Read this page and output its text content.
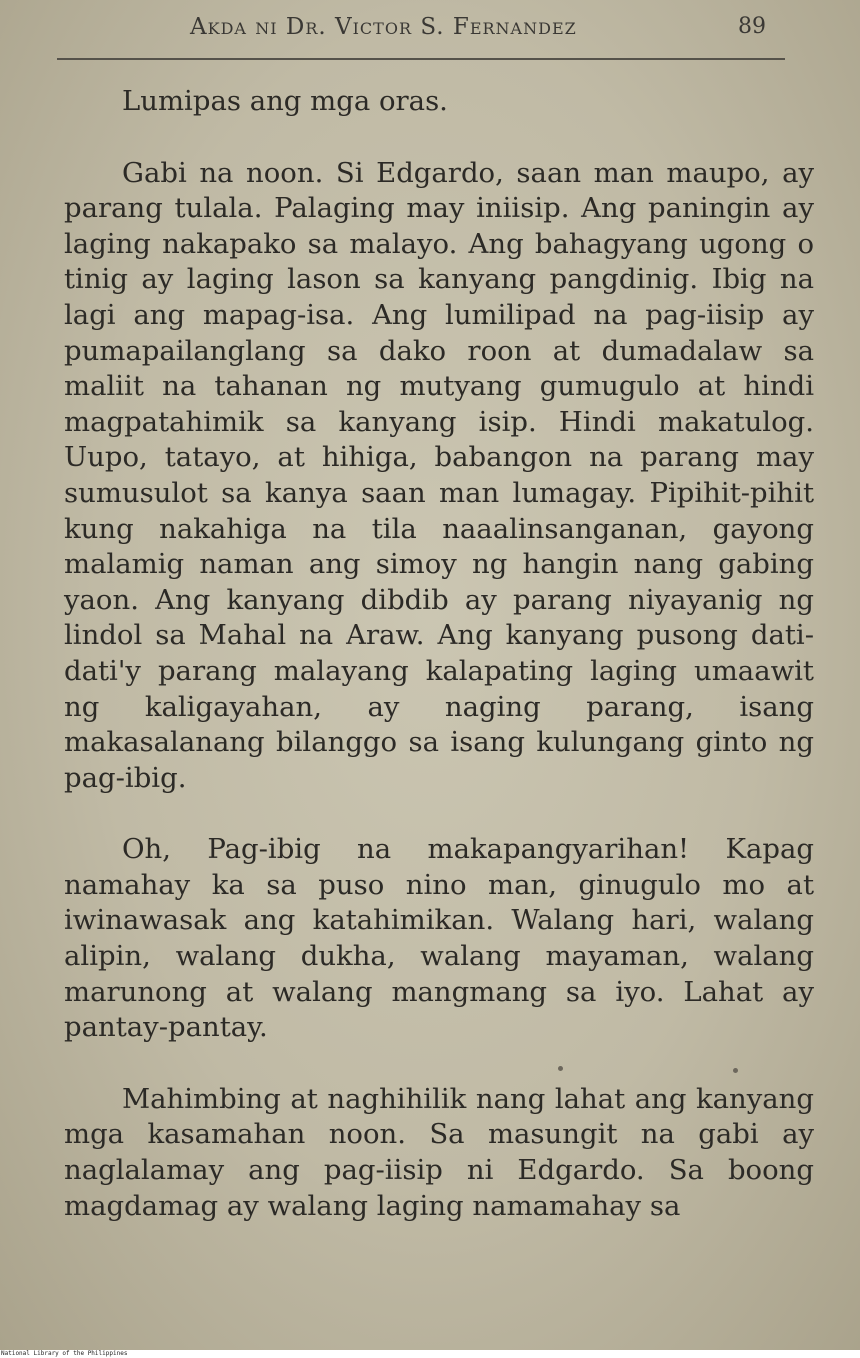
Akda ni Dr. Victor S. Fernandez	89

Lumipas ang mga oras.

Gabi na noon. Si Edgardo, saan man maupo, ay parang tulala. Palaging may iniisip. Ang paningin ay laging nakapako sa malayo. Ang bahagyang ugong o tinig ay laging lason sa kanyang pangdinig. Ibig na lagi ang mapag-isa. Ang lumilipad na pag-iisip ay pumapailanglang sa dako roon at dumadalaw sa maliit na tahanan ng mutyang gumugulo at hindi magpatahimik sa kanyang isip. Hindi makatulog. Uupo, tatayo, at hihiga, babangon na parang may sumusulot sa kanya saan man lumagay. Pipihit-pihit kung nakahiga na tila naaalinsanganan, gayong malamig naman ang simoy ng hangin nang gabing yaon. Ang kanyang dibdib ay parang niyayanig ng lindol sa Mahal na Araw. Ang kanyang pusong dati-dati'y parang malayang kalapating laging umaawit ng kaligayahan, ay naging parang, isang makasalanang bilanggo sa isang kulungang ginto ng pag-ibig.

Oh, Pag-ibig na makapangyarihan! Kapag namahay ka sa puso nino man, ginugulo mo at iwinawasak ang katahimikan. Walang hari, walang alipin, walang dukha, walang mayaman, walang marunong at walang mangmang sa iyo. Lahat ay pantay-pantay.

Mahimbing at naghihilik nang lahat ang kanyang mga kasamahan noon. Sa masungit na gabi ay naglalamay ang pag-iisip ni Edgardo. Sa boong magdamag ay walang laging namamahay sa

National Library of the Philippines
